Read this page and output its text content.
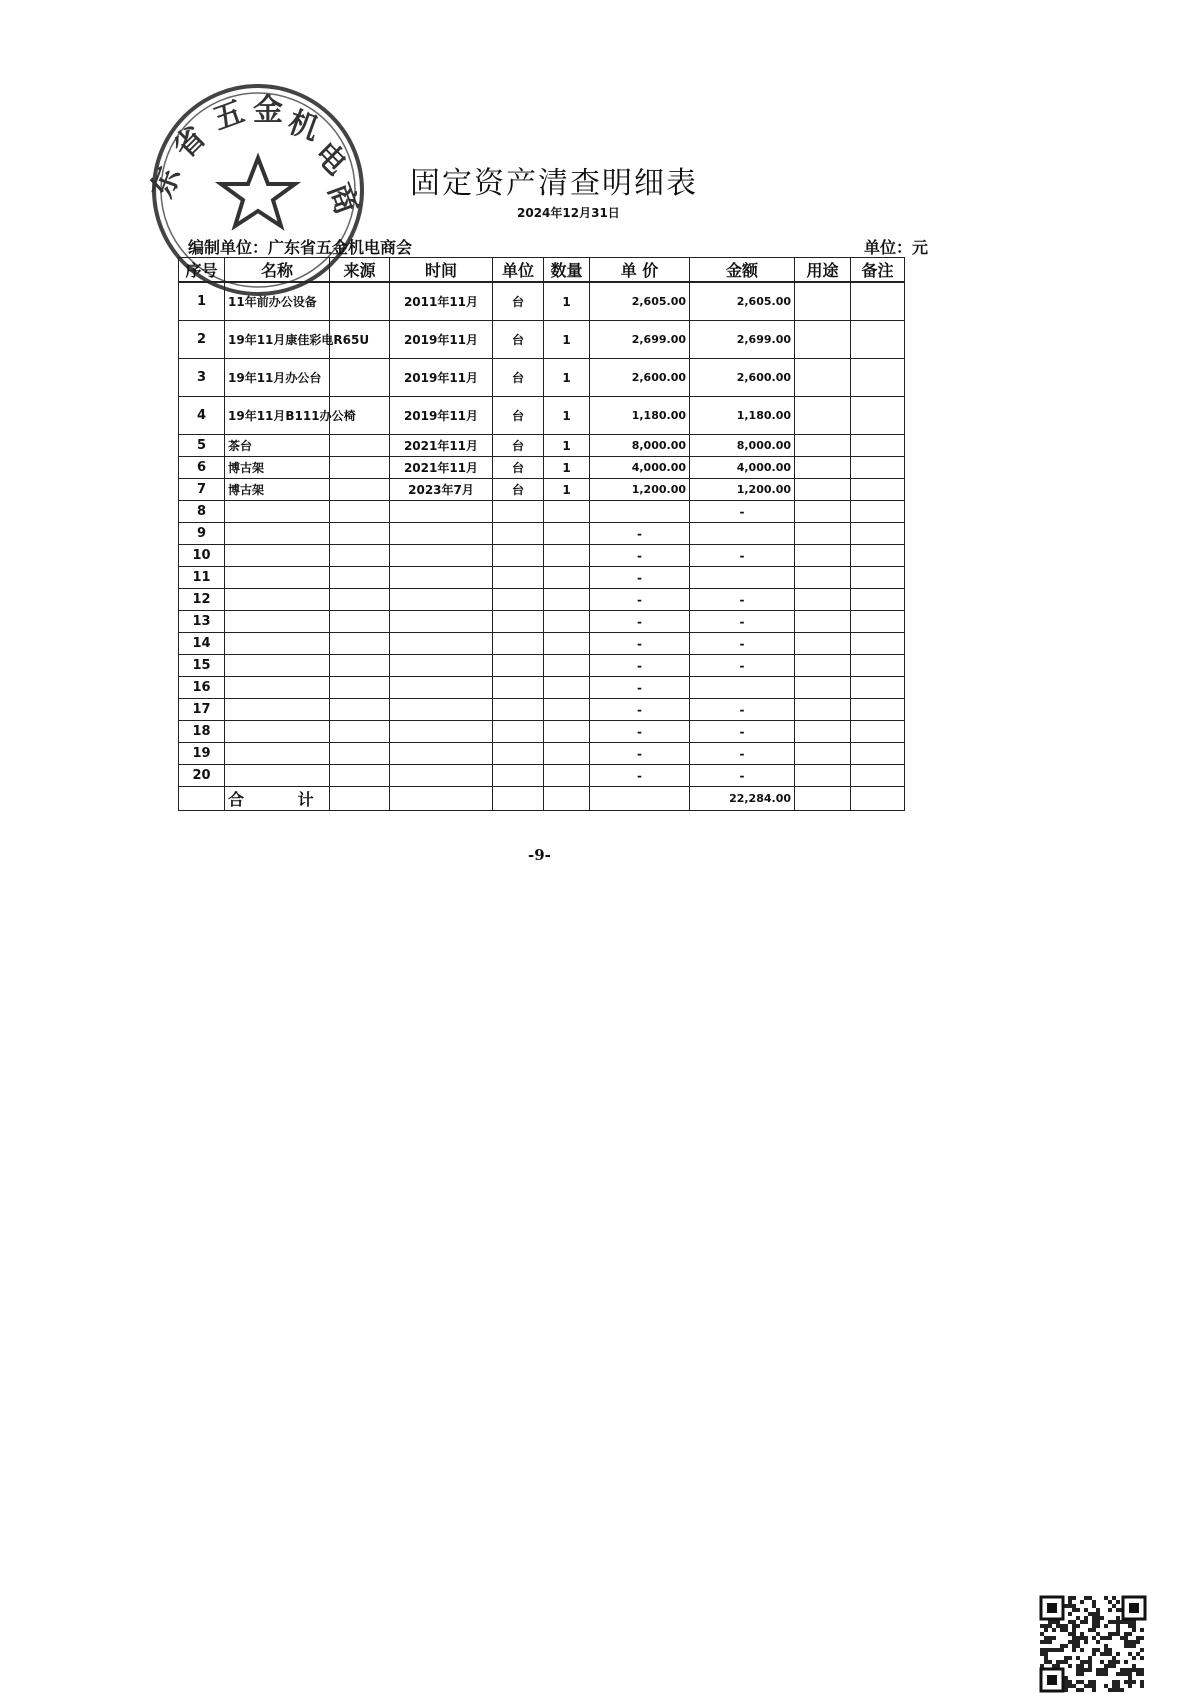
东
省
五 金 机
电
商 固定资产清查明细表
2024年12月31日
编制单位：广东省五金机电商会	单位：元
序号	名称	来源	时间	单位	数量	单 价	金额	用途	备注
1	11年前办公设备		2011年11月	台	1	2,605.00	2,605.00		
2	19年11月康佳彩电R65U		2019年11月	台	1	2,699.00	2,699.00		
3	19年11月办公台		2019年11月	台	1	2,600.00	2,600.00		
4	19年11月B111办公椅		2019年11月	台	1	1,180.00	1,180.00		
5	茶台		2021年11月	台	1	8,000.00	8,000.00		
6	博古架		2021年11月	台	1	4,000.00	4,000.00		
7	博古架		2023年7月	台	1	1,200.00	1,200.00		
8							-		
9						-			
10						-	-		
11						-			
12						-	-		
13						-	-		
14						-	-		
15						-	-		
16						-			
17						-	-		
18						-	-		
19						-	-		
20						-	-		
	合 计						22,284.00		
-9-
